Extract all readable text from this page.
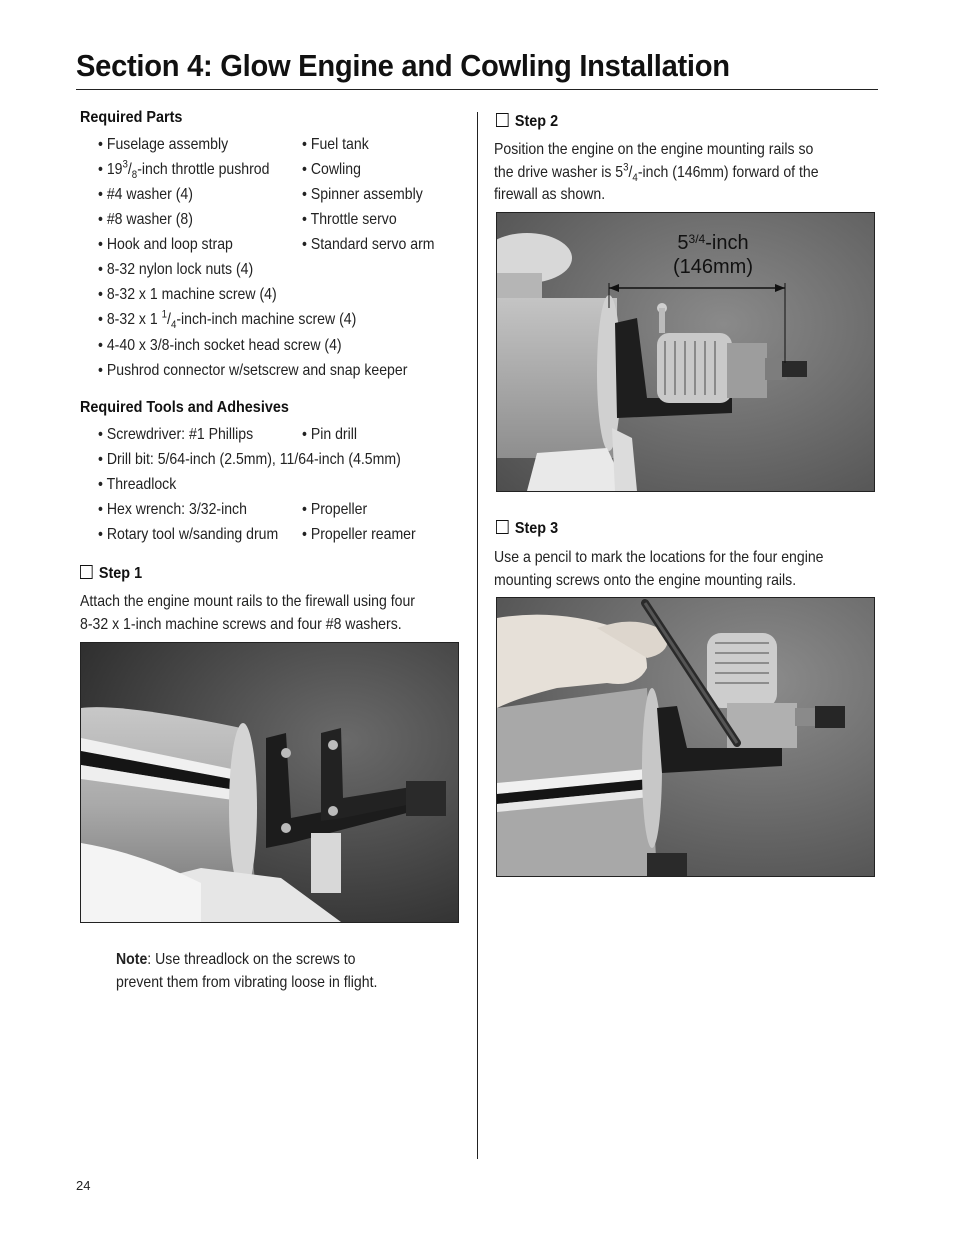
Section 4: Glow Engine and Cowling Installation
Required Parts
• Fuselage assembly
• $19^3/_8$-inch throttle pushrod
• #4 washer (4)
• #8 washer (8)
• Hook and loop strap
• 8-32 nylon lock nuts (4)
• 8-32 x 1 machine screw (4)
• 8-32 x 1 $^1/_4-inch$-inch machine screw (4)
• 4-40 x 3/8-inch socket head screw (4)
• Pushrod connector w/setscrew and snap keeper
• Fuel tank
• Cowling
• Spinner assembly
• Throttle servo
• Standard servo arm
Required Tools and Adhesives
• Screwdriver: #1 Phillips	• Pin drill
• Drill bit: 5/64-inch (2.5mm), 11/64-inch (4.5mm)
• Threadlock
• Hex wrench: 3/32-inch	• Propeller
• Rotary tool w/sanding drum • Propeller reamer
Step 1
Attach the engine mount rails to the firewall using four
8-32 x 1-inch machine screws and four #8 washers.
Note: Use threadlock on the screws to
prevent them from vibrating loose in flight.
Step 2
Position the engine on the engine mounting rails so
the drive washer is $5^3/_4$-inch (146mm) forward of the
firewall as shown.
$5^{3/4}$-inch
(146mm)
Step 3
Use a pencil to mark the locations for the four engine
mounting screws onto the engine mounting rails.
24
